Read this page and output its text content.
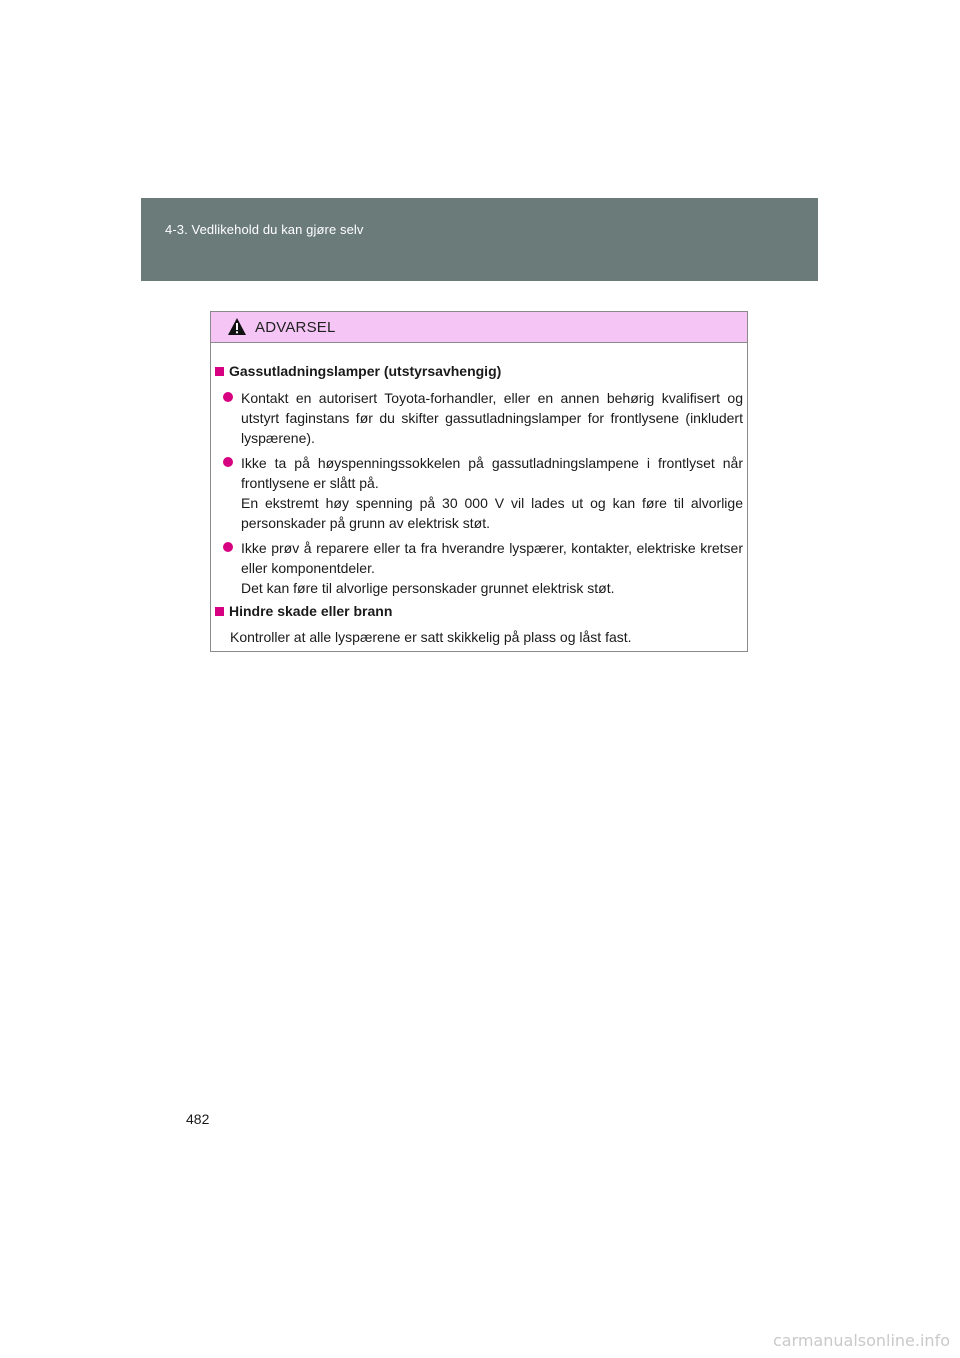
4-3. Vedlikehold du kan gjøre selv
ADVARSEL
Gassutladningslamper (utstyrsavhengig)

Kontakt en autorisert Toyota-forhandler, eller en annen behørig kvalifisert og utstyrt faginstans før du skifter gassutladningslamper for frontlysene (inkludert lyspærene).

Ikke ta på høyspenningssokkelen på gassutladningslampene i frontlyset når frontlysene er slått på.

En ekstremt høy spenning på 30 000 V vil lades ut og kan føre til alvorlige personskader på grunn av elektrisk støt.

Ikke prøv å reparere eller ta fra hverandre lyspærer, kontakter, elektriske kretser eller komponentdeler.

Det kan føre til alvorlige personskader grunnet elektrisk støt.

Hindre skade eller brann
Kontroller at alle lyspærene er satt skikkelig på plass og låst fast.
482
carmanualsonline.info
